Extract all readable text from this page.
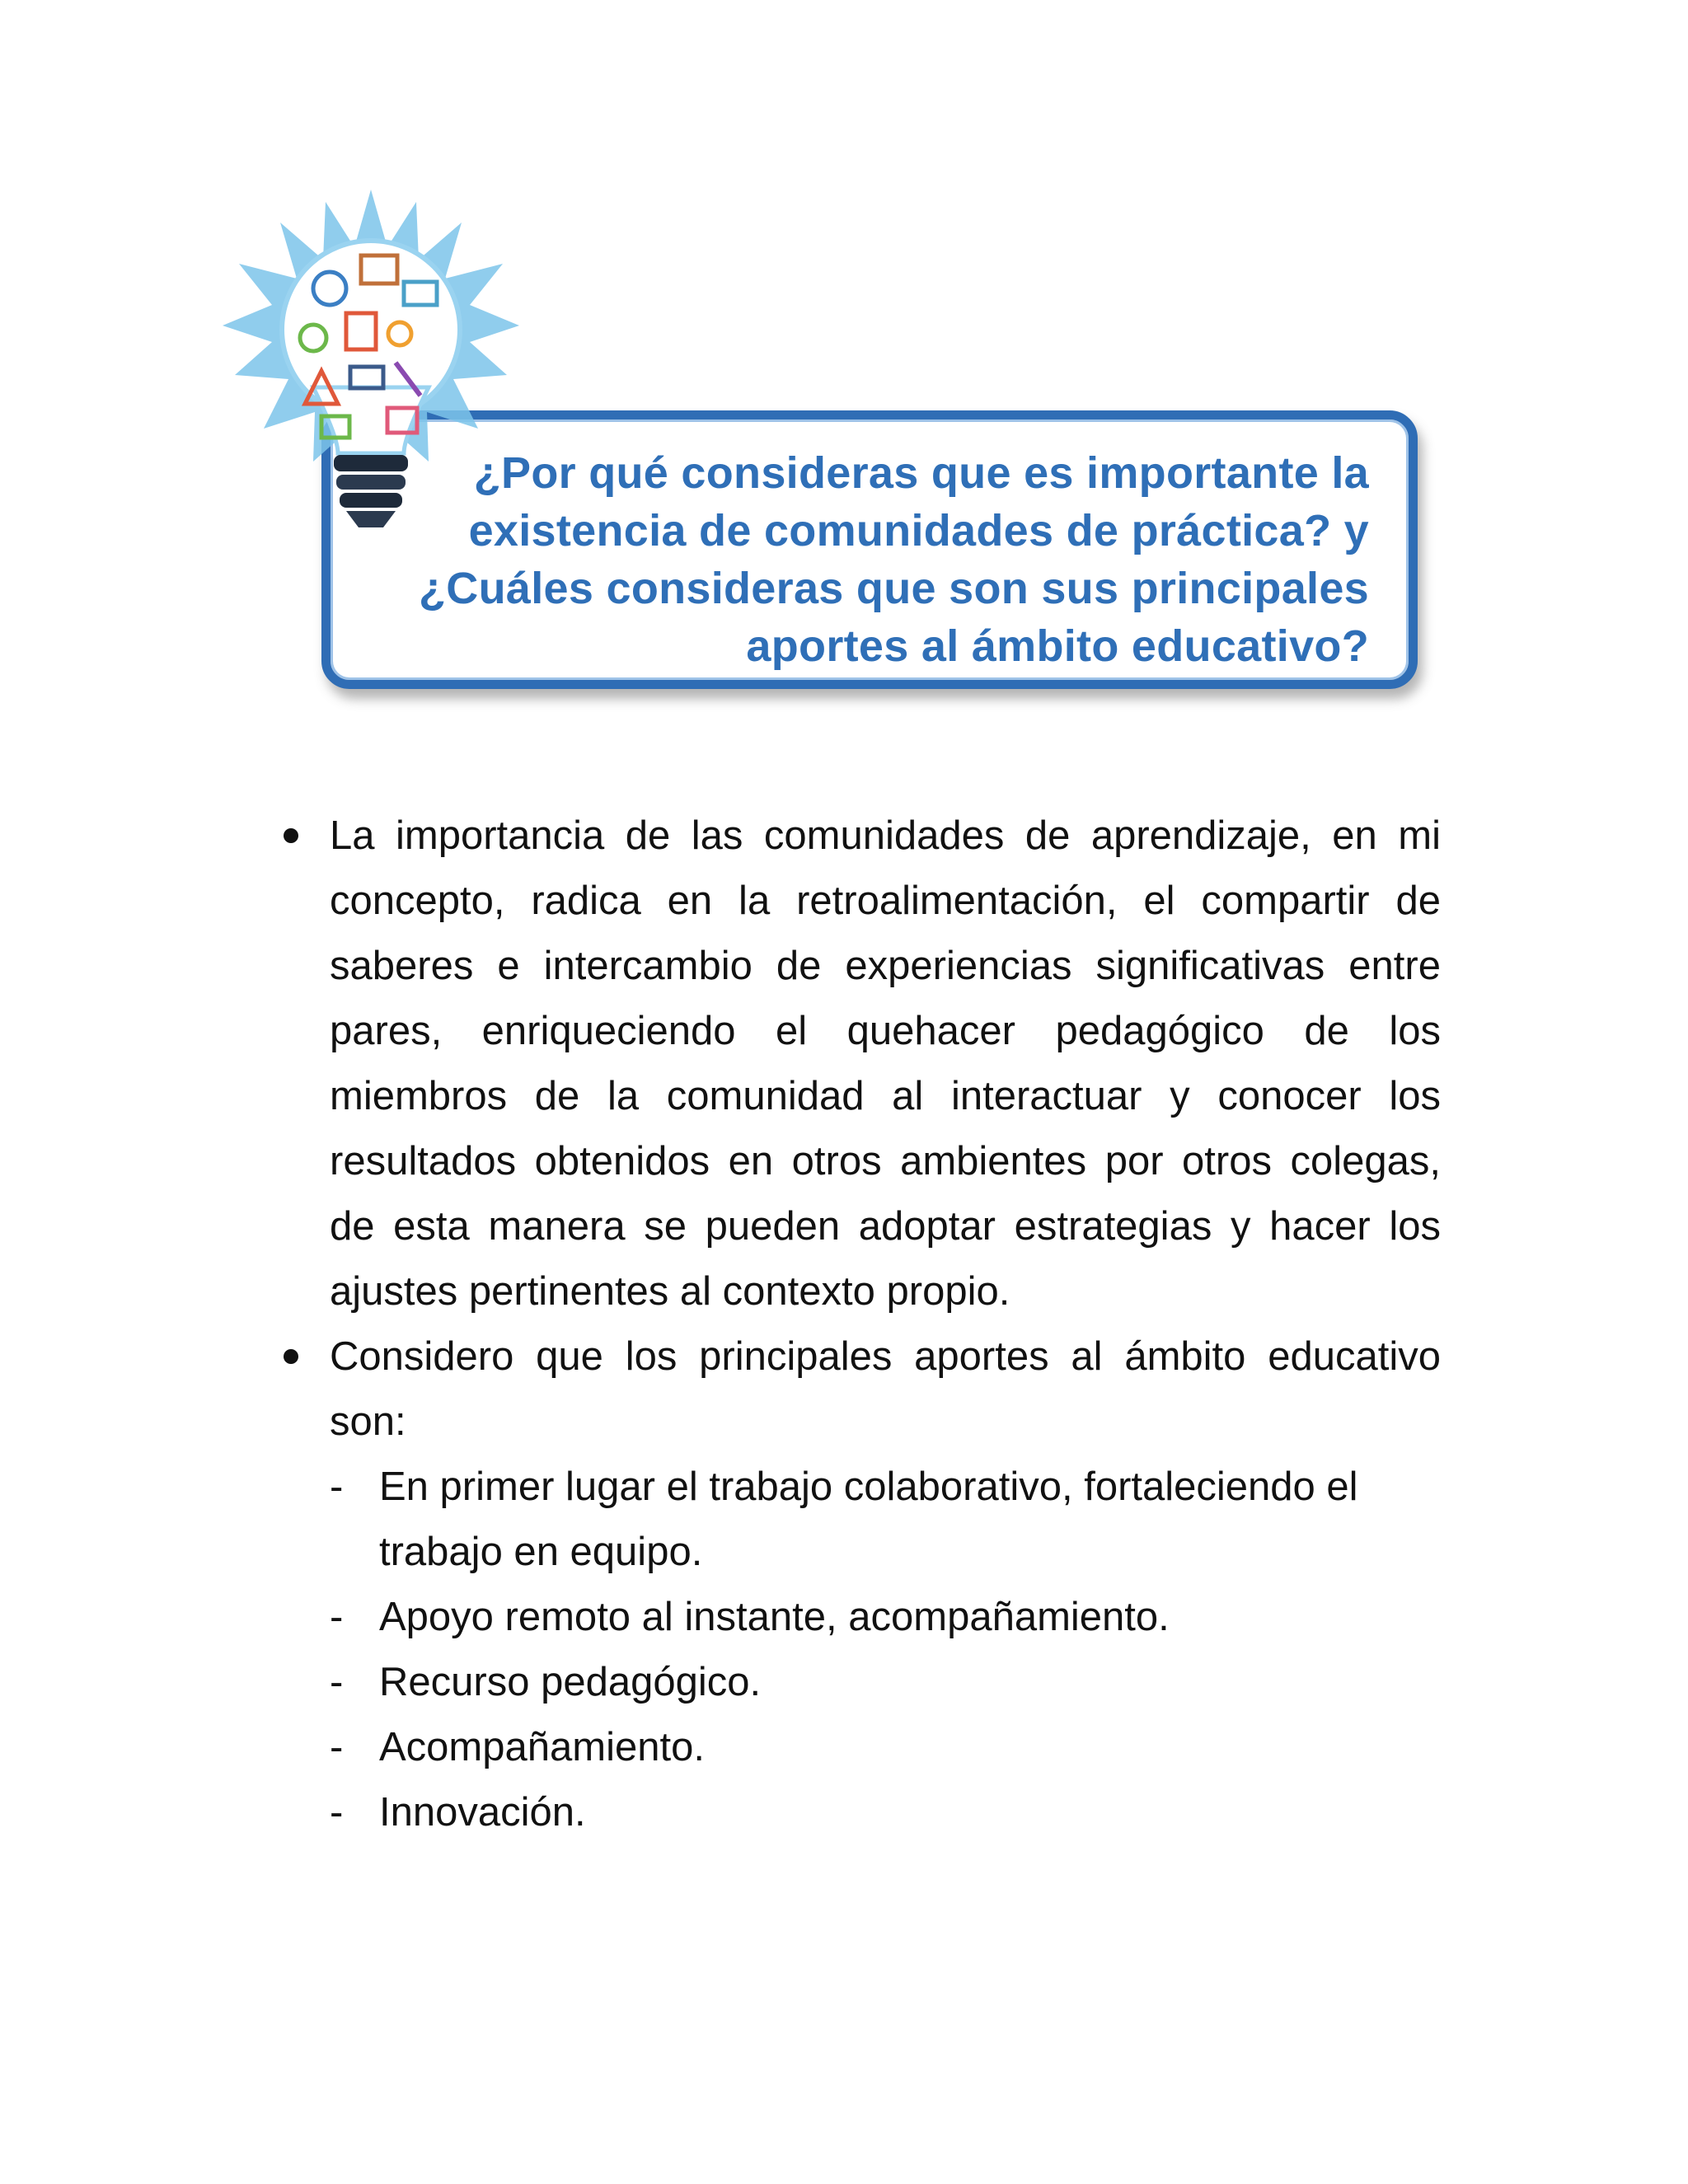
¿Por qué consideras que es importante la
existencia de comunidades de práctica? y
¿Cuáles consideras que son sus principales
aportes al ámbito educativo?

La importancia de las comunidades de aprendizaje, en mi concepto, radica en la retroalimentación, el compartir de saberes e intercambio de experiencias significativas entre pares, enriqueciendo el quehacer pedagógico de los miembros de la comunidad al interactuar y conocer los resultados obtenidos en otros ambientes por otros colegas, de esta manera se pueden adoptar estrategias y hacer los ajustes pertinentes al contexto propio.

Considero que los principales aportes al ámbito educativo son:

- En primer lugar el trabajo colaborativo, fortaleciendo el trabajo en equipo.
- Apoyo remoto al instante, acompañamiento.
- Recurso pedagógico.
- Acompañamiento.
- Innovación.
